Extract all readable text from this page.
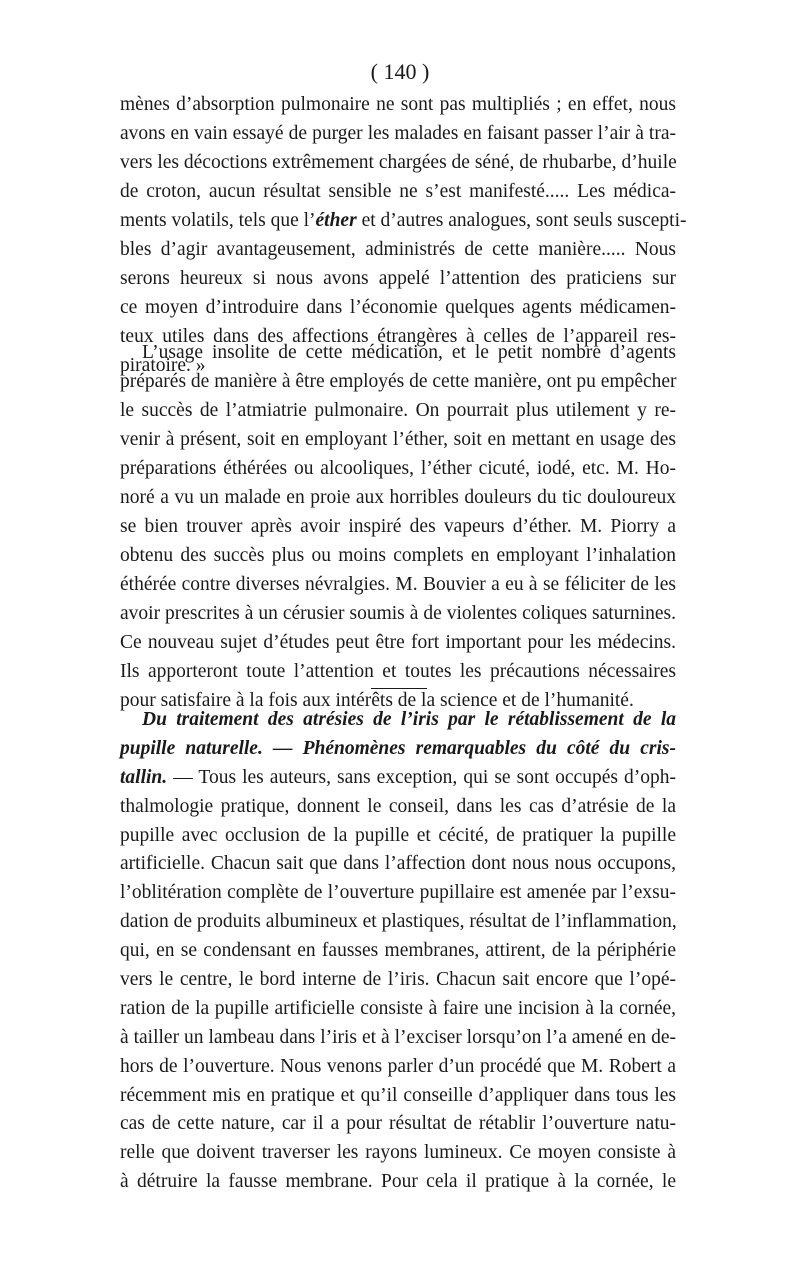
( 140 )
mènes d’absorption pulmonaire ne sont pas multipliés ; en effet, nous
avons en vain essayé de purger les malades en faisant passer l’air à tra-
vers les décoctions extrêmement chargées de séné, de rhubarbe, d’huile
de croton, aucun résultat sensible ne s’est manifesté..... Les médica-
ments volatils, tels que l’éther et d’autres analogues, sont seuls suscepti-
bles d’agir avantageusement, administrés de cette manière..... Nous
serons heureux si nous avons appelé l’attention des praticiens sur
ce moyen d’introduire dans l’économie quelques agents médicamen-
teux utiles dans des affections étrangères à celles de l’appareil res-
piratoire. »
L’usage insolite de cette médication, et le petit nombre d’agents
préparés de manière à être employés de cette manière, ont pu empêcher
le succès de l’atmiatrie pulmonaire. On pourrait plus utilement y re-
venir à présent, soit en employant l’éther, soit en mettant en usage des
préparations éthérées ou alcooliques, l’éther cicuté, iodé, etc. M. Ho-
noré a vu un malade en proie aux horribles douleurs du tic douloureux
se bien trouver après avoir inspiré des vapeurs d’éther. M. Piorry a
obtenu des succès plus ou moins complets en employant l’inhalation
éthérée contre diverses névralgies. M. Bouvier a eu à se féliciter de les
avoir prescrites à un cérusier soumis à de violentes coliques saturnines.
Ce nouveau sujet d’études peut être fort important pour les médecins.
Ils apporteront toute l’attention et toutes les précautions nécessaires
pour satisfaire à la fois aux intérêts de la science et de l’humanité.
Du traitement des atrésies de l’iris par le rétablissement de la
pupille naturelle. — Phénomènes remarquables du côté du cris-
tallin. — Tous les auteurs, sans exception, qui se sont occupés d’oph-
thalmologie pratique, donnent le conseil, dans les cas d’atrésie de la
pupille avec occlusion de la pupille et cécité, de pratiquer la pupille
artificielle. Chacun sait que dans l’affection dont nous nous occupons,
l’oblitération complète de l’ouverture pupillaire est amenée par l’exsu-
dation de produits albumineux et plastiques, résultat de l’inflammation,
qui, en se condensant en fausses membranes, attirent, de la périphérie
vers le centre, le bord interne de l’iris. Chacun sait encore que l’opé-
ration de la pupille artificielle consiste à faire une incision à la cornée,
à tailler un lambeau dans l’iris et à l’exciser lorsqu’on l’a amené en de-
hors de l’ouverture. Nous venons parler d’un procédé que M. Robert a
récemment mis en pratique et qu’il conseille d’appliquer dans tous les
cas de cette nature, car il a pour résultat de rétablir l’ouverture natu-
relle que doivent traverser les rayons lumineux. Ce moyen consiste à
à détruire la fausse membrane. Pour cela il pratique à la cornée, le
